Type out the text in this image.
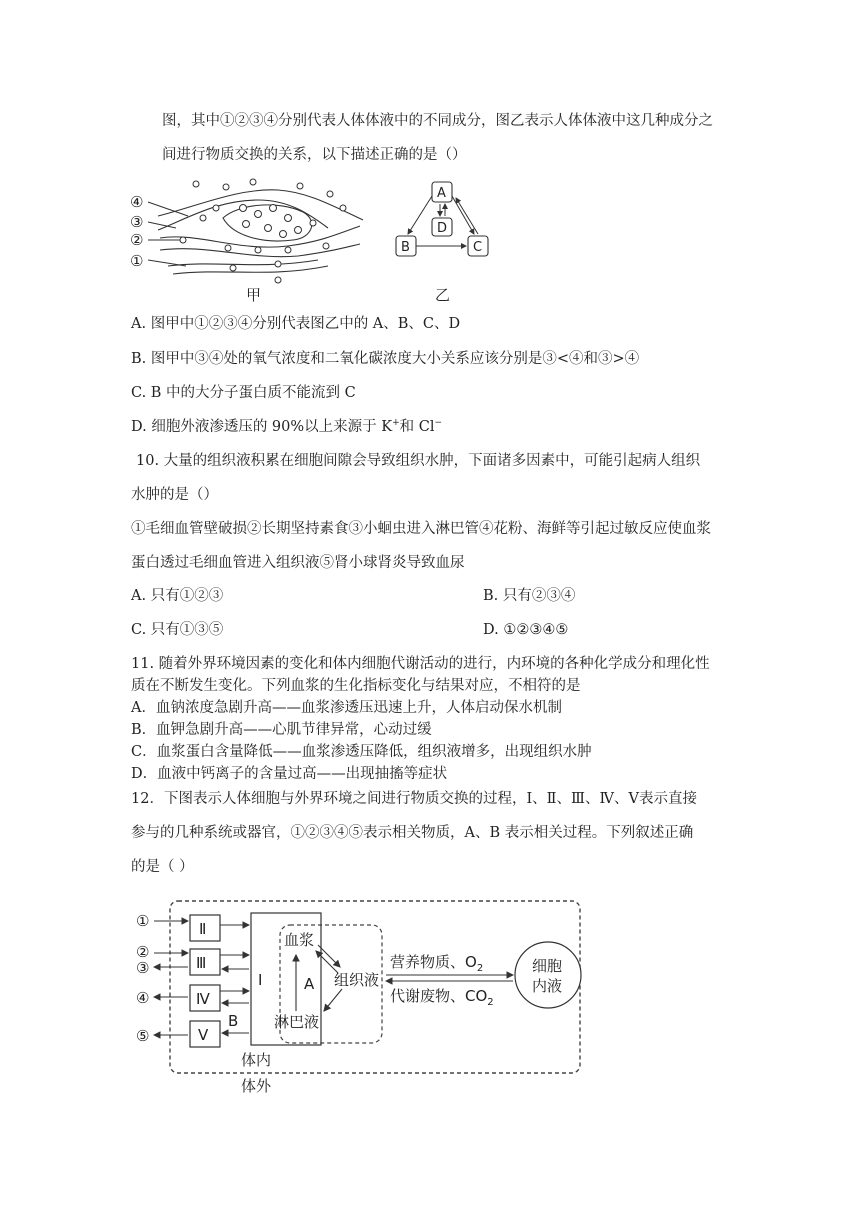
图，其中①②③④分别代表人体体液中的不同成分，图乙表示人体体液中这几种成分之
间进行物质交换的关系，以下描述正确的是（）
④
③
②
①
甲
A
B	C
D
乙
A. 图甲中①②③④分别代表图乙中的 A、B、C、D
B. 图甲中③④处的氧气浓度和二氧化碳浓度大小关系应该分别是③<④和③>④
C. B 中的大分子蛋白质不能流到 C
D. 细胞外液渗透压的 90%以上来源于 K+和 Cl−
10. 大量的组织液积累在细胞间隙会导致组织水肿，下面诸多因素中，可能引起病人组织
水肿的是（）
①毛细血管壁破损②长期坚持素食③小蛔虫进入淋巴管④花粉、海鲜等引起过敏反应使血浆
蛋白透过毛细血管进入组织液⑤肾小球肾炎导致血尿
A. 只有①②③	B. 只有②③④
C. 只有①③⑤	D. ①②③④⑤
11. 随着外界环境因素的变化和体内细胞代谢活动的进行，内环境的各种化学成分和理化性
质在不断发生变化。下列血浆的生化指标变化与结果对应，不相符的是
A．血钠浓度急剧升高——血浆渗透压迅速上升，人体启动保水机制
B．血钾急剧升高——心肌节律异常，心动过缓
C．血浆蛋白含量降低——血浆渗透压降低，组织液增多，出现组织水肿
D．血液中钙离子的含量过高——出现抽搐等症状
12．下图表示人体细胞与外界环境之间进行物质交换的过程，Ⅰ、Ⅱ、Ⅲ、Ⅳ、Ⅴ表示直接
参与的几种系统或器官，①②③④⑤表示相关物质，A、B 表示相关过程。下列叙述正确
的是（ ）
①
②
③
④
⑤
Ⅱ
Ⅲ
Ⅳ
Ⅴ
Ⅰ
B
A
血浆
组织液
淋巴液
营养物质、$O_2$
代谢废物、$CO_2$
细胞
内液
体内
体外
